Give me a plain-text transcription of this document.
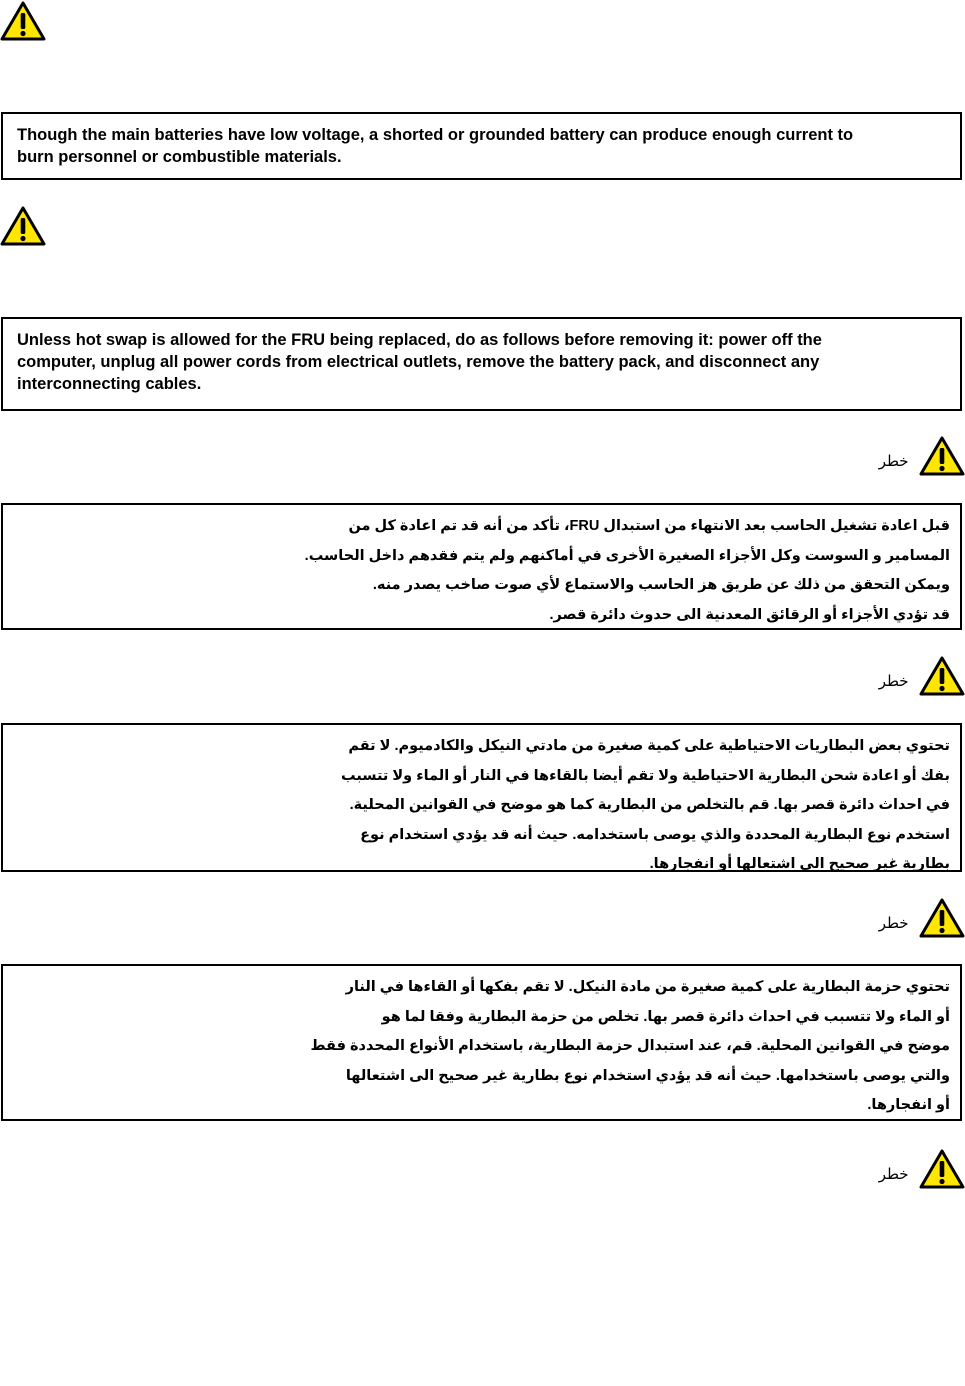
Though the main batteries have low voltage, a shorted or grounded battery can produce enough current to

burn personnel or combustible materials.

Unless hot swap is allowed for the FRU being replaced, do as follows before removing it: power off the

computer, unplug all power cords from electrical outlets, remove the battery pack, and disconnect any

interconnecting cables.

خطر

قبل اعادة تشغيل الحاسب بعد الانتهاء من استبدال FRU، تأكد من أنه قد تم اعادة كل من

المسامير و السوست وكل الأجزاء الصغيرة الأخرى في أماكنهم ولم يتم فقدهم داخل الحاسب.

ويمكن التحقق من ذلك عن طريق هز الحاسب والاستماع لأي صوت صاخب يصدر منه.

قد تؤدي الأجزاء أو الرقائق المعدنية الى حدوث دائرة قصر.

خطر

تحتوي بعض البطاريات الاحتياطية على كمية صغيرة من مادتي النيكل والكادميوم. لا تقم

بفك أو اعادة شحن البطارية الاحتياطية ولا تقم أيضا بالقاءها في النار أو الماء ولا تتسبب

في احداث دائرة قصر بها. قم بالتخلص من البطارية كما هو موضح في القوانين المحلية.

استخدم نوع البطارية المحددة والذي يوصى باستخدامه. حيث أنه قد يؤدي استخدام نوع

بطارية غير صحيح الى اشتعالها أو انفجارها.

خطر

تحتوي حزمة البطارية على كمية صغيرة من مادة النيكل. لا تقم بفكها أو القاءها في النار

أو الماء ولا تتسبب في احداث دائرة قصر بها. تخلص من حزمة البطارية وفقا لما هو

موضح في القوانين المحلية. قم، عند استبدال حزمة البطارية، باستخدام الأنواع المحددة فقط

والتي يوصى باستخدامها. حيث أنه قد يؤدي استخدام نوع بطارية غير صحيح الى اشتعالها

أو انفجارها.

خطر
